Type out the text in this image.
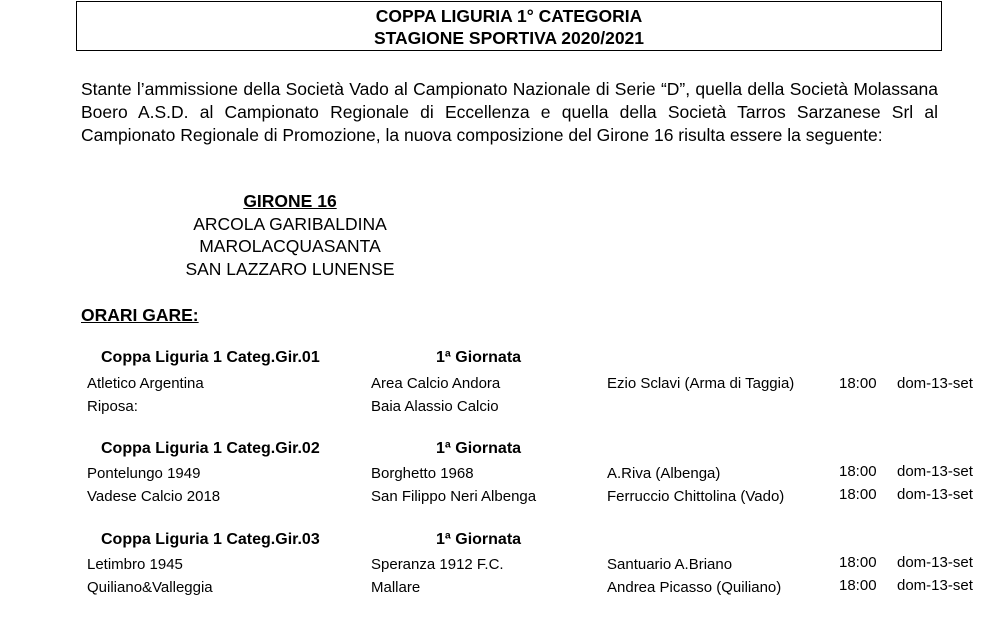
COPPA LIGURIA 1° CATEGORIA
STAGIONE SPORTIVA 2020/2021
Stante l’ammissione della Società Vado al Campionato Nazionale di Serie “D”, quella della Società Molassana Boero A.S.D. al Campionato Regionale di Eccellenza e quella della Società Tarros Sarzanese Srl al Campionato Regionale di Promozione, la nuova composizione del Girone 16 risulta essere la seguente:
GIRONE 16
ARCOLA GARIBALDINA
MAROLACQUASANTA
SAN LAZZARO LUNENSE
ORARI GARE:
Coppa Liguria 1 Categ.Gir.01	1ª Giornata
Atletico Argentina	Area Calcio Andora	Ezio Sclavi (Arma di Taggia)	18:00 dom-13-set
Riposa:	Baia Alassio Calcio
Coppa Liguria 1 Categ.Gir.02	1ª Giornata
Pontelungo 1949	Borghetto 1968	A.Riva (Albenga)	18:00 dom-13-set
Vadese Calcio 2018	San Filippo Neri Albenga	Ferruccio Chittolina (Vado)	18:00 dom-13-set
Coppa Liguria 1 Categ.Gir.03	1ª Giornata
Letimbro 1945	Speranza 1912 F.C.	Santuario A.Briano	18:00 dom-13-set
Quiliano&Valleggia	Mallare	Andrea Picasso (Quiliano)	18:00 dom-13-set
